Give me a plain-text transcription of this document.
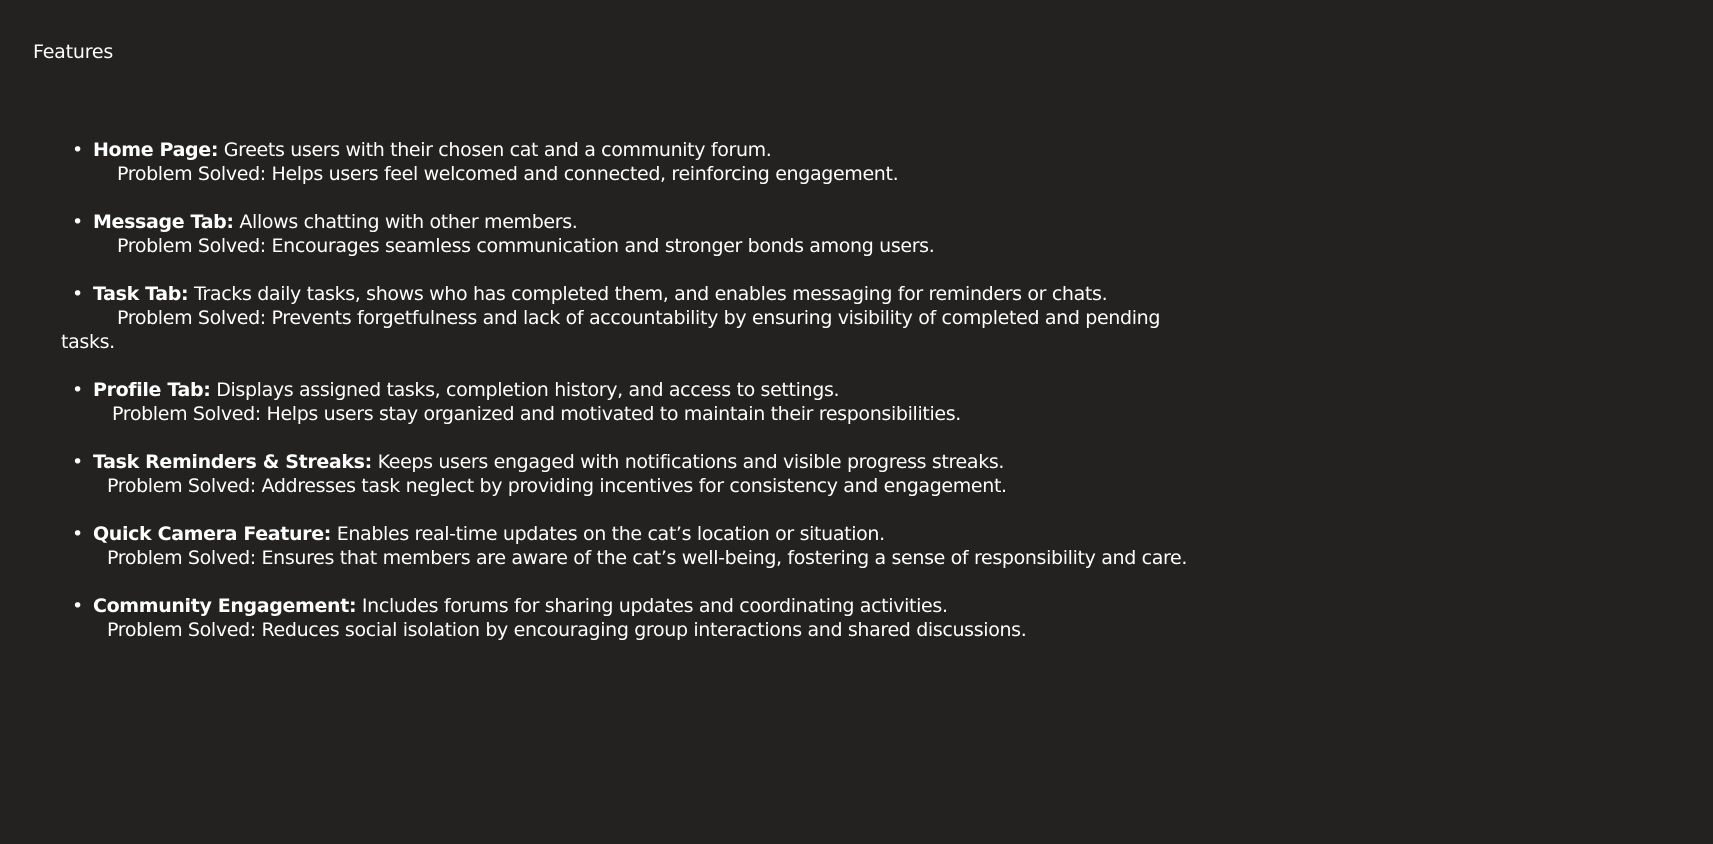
Features
• Home Page: Greets users with their chosen cat and a community forum.
Problem Solved: Helps users feel welcomed and connected, reinforcing engagement.
• Message Tab: Allows chatting with other members.
Problem Solved: Encourages seamless communication and stronger bonds among users.
• Task Tab: Tracks daily tasks, shows who has completed them, and enables messaging for reminders or chats.
Problem Solved: Prevents forgetfulness and lack of accountability by ensuring visibility of completed and pending
tasks.
• Profile Tab: Displays assigned tasks, completion history, and access to settings.
Problem Solved: Helps users stay organized and motivated to maintain their responsibilities.
• Task Reminders & Streaks: Keeps users engaged with notifications and visible progress streaks.
Problem Solved: Addresses task neglect by providing incentives for consistency and engagement.
• Quick Camera Feature: Enables real-time updates on the cat’s location or situation.
Problem Solved: Ensures that members are aware of the cat’s well-being, fostering a sense of responsibility and care.
• Community Engagement: Includes forums for sharing updates and coordinating activities.
Problem Solved: Reduces social isolation by encouraging group interactions and shared discussions.
